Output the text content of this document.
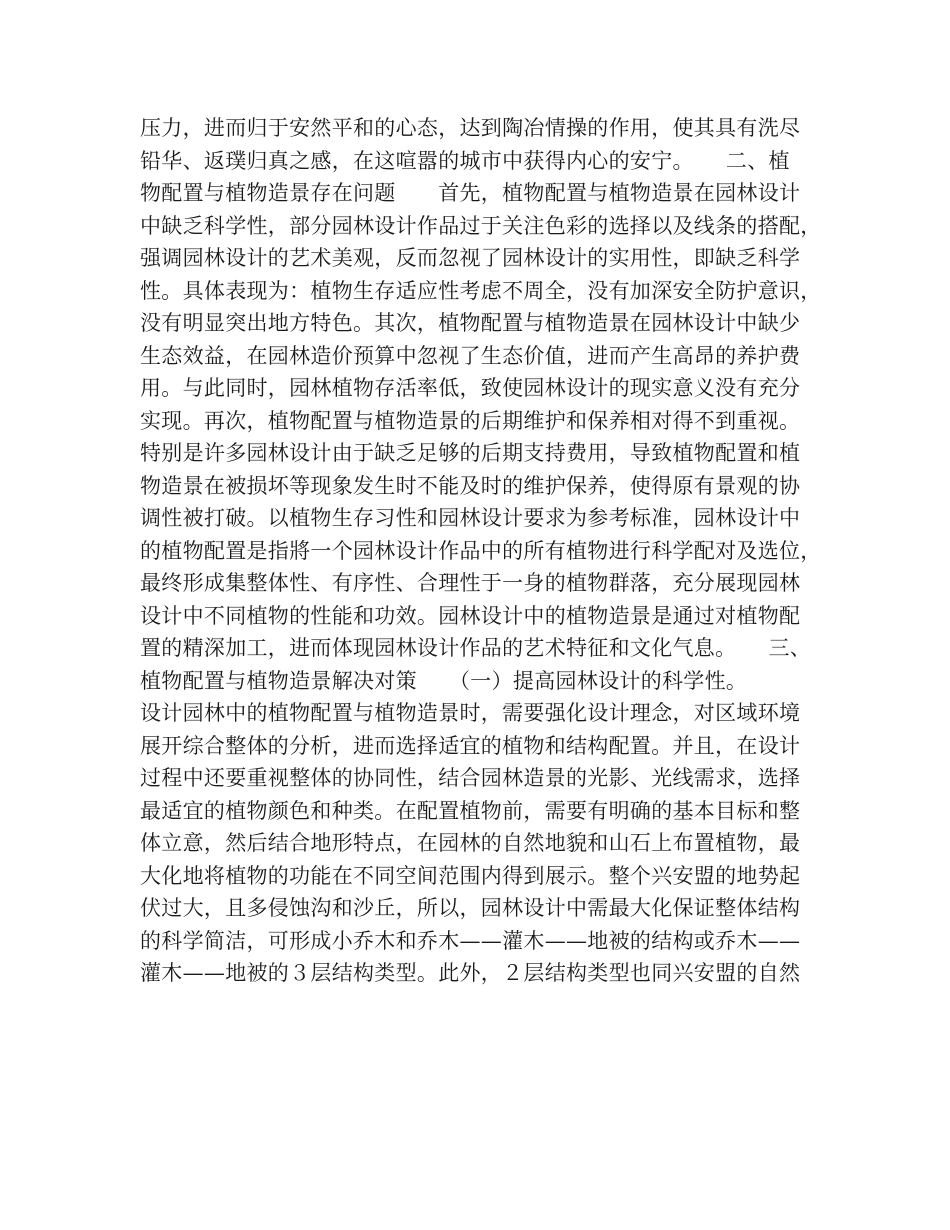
压力，进而归于安然平和的心态，达到陶冶情操的作用，使其具有洗尽
铅华、返璞归真之感，在这喧嚣的城市中获得内心的安宁。　　二、植
物配置与植物造景存在问题　　首先，植物配置与植物造景在园林设计
中缺乏科学性，部分园林设计作品过于关注色彩的选择以及线条的搭配，
强调园林设计的艺术美观，反而忽视了园林设计的实用性，即缺乏科学
性。具体表现为：植物生存适应性考虑不周全，没有加深安全防护意识，
没有明显突出地方特色。其次，植物配置与植物造景在园林设计中缺少
生态效益，在园林造价预算中忽视了生态价值，进而产生高昂的养护费
用。与此同时，园林植物存活率低，致使园林设计的现实意义没有充分
实现。再次，植物配置与植物造景的后期维护和保养相对得不到重视。
特别是许多园林设计由于缺乏足够的后期支持费用，导致植物配置和植
物造景在被损坏等现象发生时不能及时的维护保养，使得原有景观的协
调性被打破。以植物生存习性和园林设计要求为参考标准，园林设计中
的植物配置是指將一个园林设计作品中的所有植物进行科学配对及选位，
最终形成集整体性、有序性、合理性于一身的植物群落，充分展现园林
设计中不同植物的性能和功效。园林设计中的植物造景是通过对植物配
置的精深加工，进而体现园林设计作品的艺术特征和文化气息。　　三、
植物配置与植物造景解决对策　　（一）提高园林设计的科学性。
设计园林中的植物配置与植物造景时，需要强化设计理念，对区域环境
展开综合整体的分析，进而选择适宜的植物和结构配置。并且，在设计
过程中还要重视整体的协同性，结合园林造景的光影、光线需求，选择
最适宜的植物颜色和种类。在配置植物前，需要有明确的基本目标和整
体立意，然后结合地形特点，在园林的自然地貌和山石上布置植物，最
大化地将植物的功能在不同空间范围内得到展示。整个兴安盟的地势起
伏过大，且多侵蚀沟和沙丘，所以，园林设计中需最大化保证整体结构
的科学简洁，可形成小乔木和乔木——灌木——地被的结构或乔木——
灌木——地被的３层结构类型。此外，２层结构类型也同兴安盟的自然
